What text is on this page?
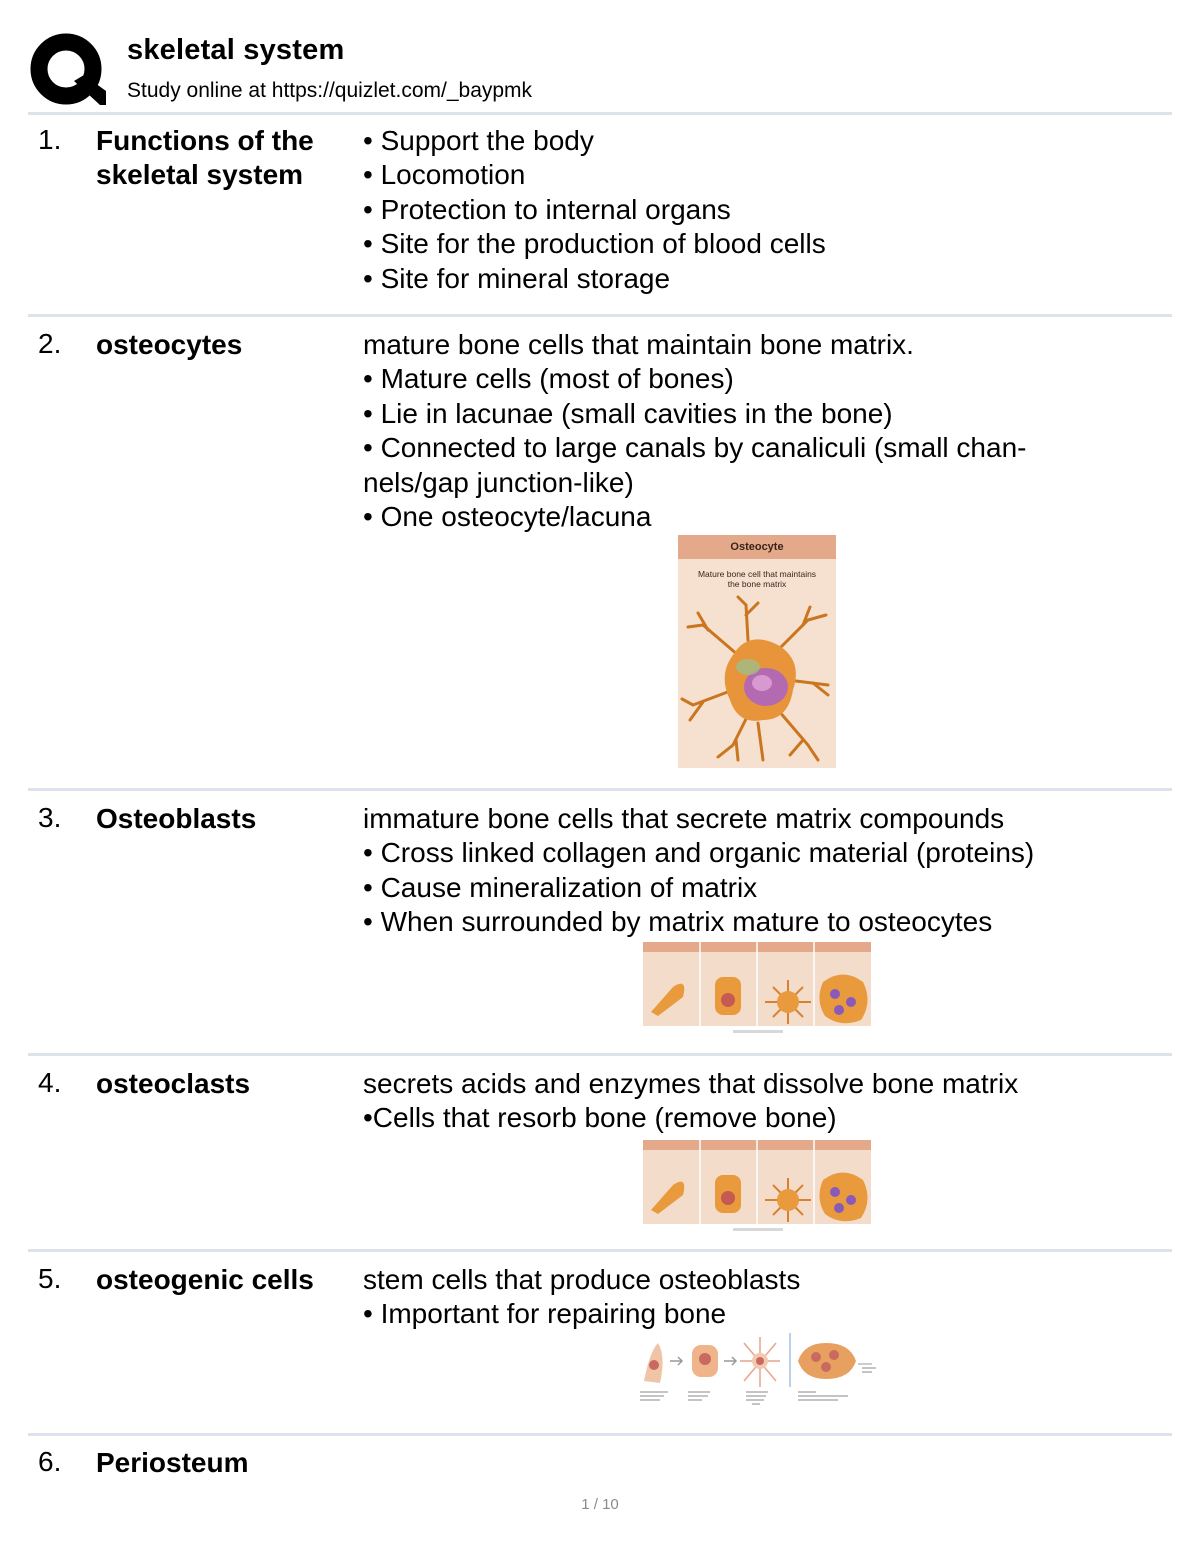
skeletal system
Study online at https://quizlet.com/_baypmk
1. Functions of the skeletal system
• Support the body
• Locomotion
• Protection to internal organs
• Site for the production of blood cells
• Site for mineral storage
2. osteocytes	mature bone cells that maintain bone matrix.
• Mature cells (most of bones)
• Lie in lacunae (small cavities in the bone)
• Connected to large canals by canaliculi (small chan-
nels/gap junction-like)
• One osteocyte/lacuna
Osteocyte
Mature bone cell that maintains the bone matrix
3. Osteoblasts	immature bone cells that secrete matrix compounds
• Cross linked collagen and organic material (proteins)
• Cause mineralization of matrix
• When surrounded by matrix mature to osteocytes
4. osteoclasts	secrets acids and enzymes that dissolve bone matrix
•Cells that resorb bone (remove bone)
5. osteogenic cells	stem cells that produce osteoblasts
• Important for repairing bone
6. Periosteum
1 / 10
